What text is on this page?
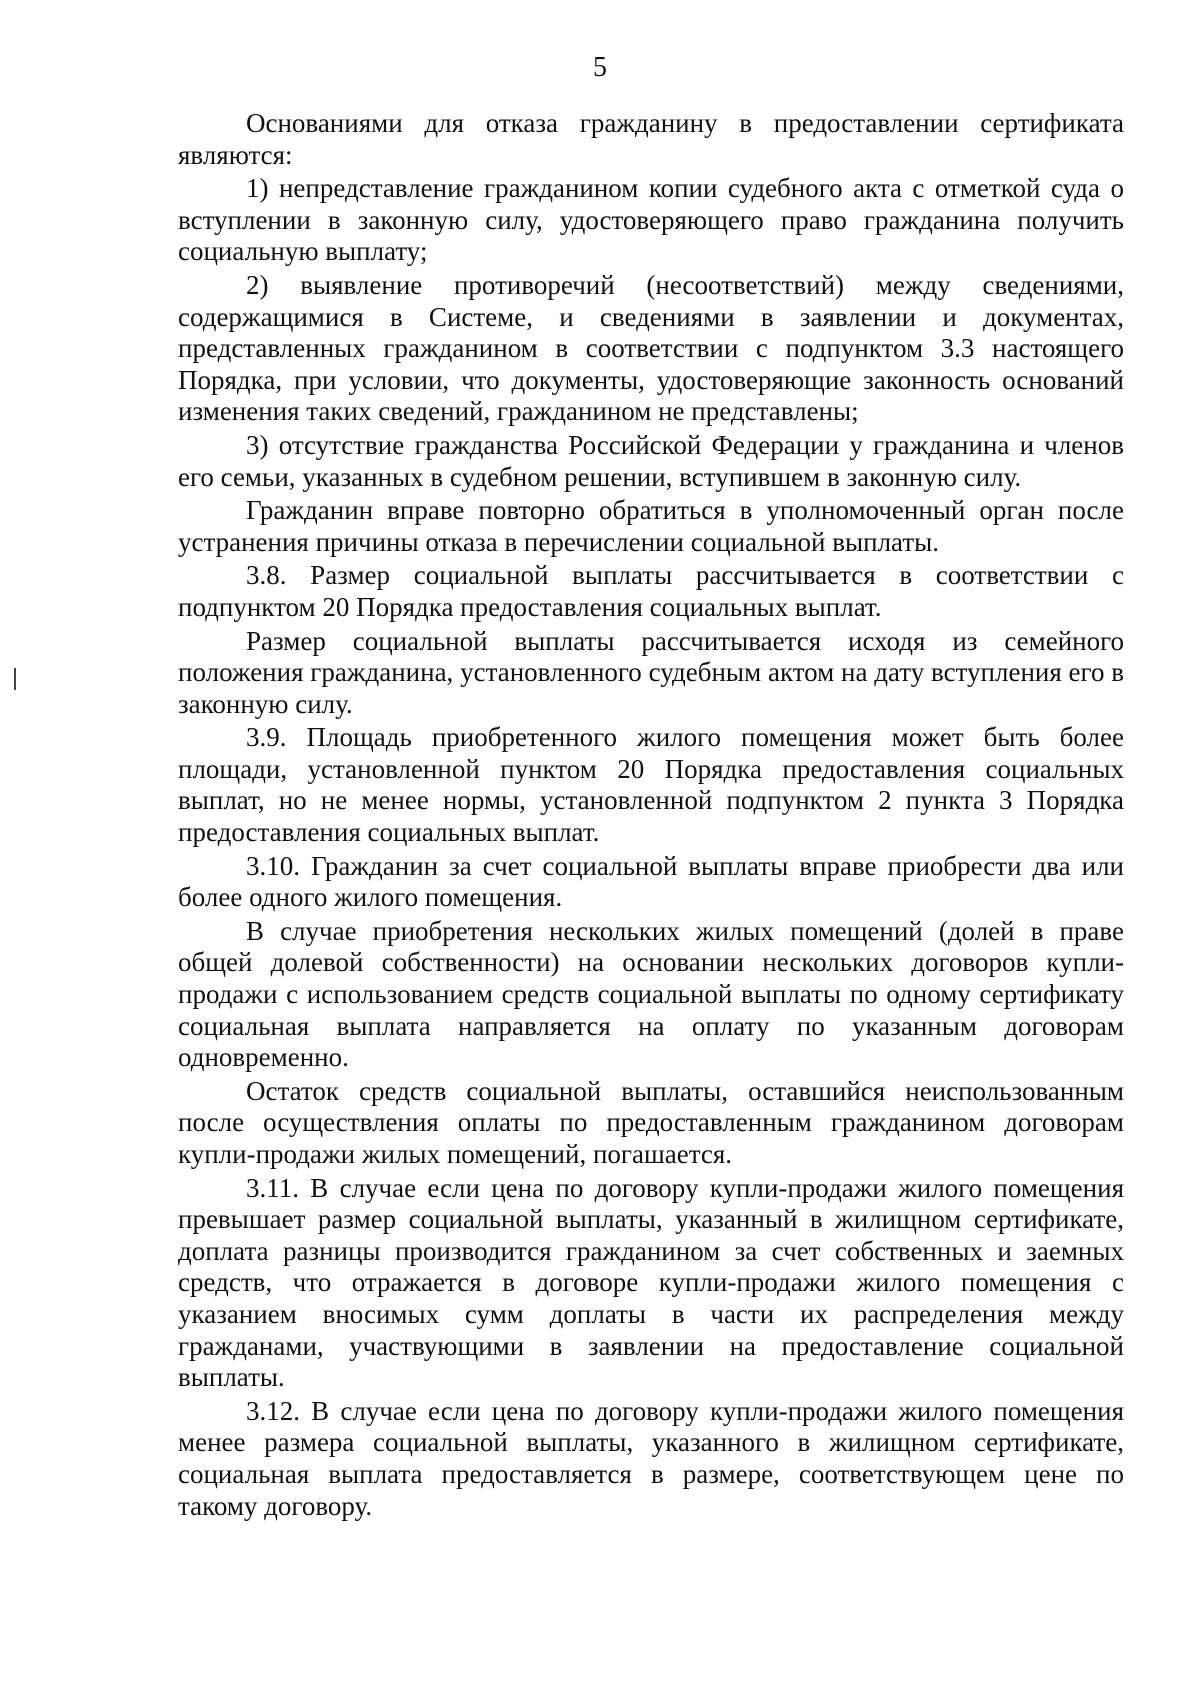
5

Основаниями для отказа гражданину в предоставлении сертификата являются:

1) непредставление гражданином копии судебного акта с отметкой суда о вступлении в законную силу, удостоверяющего право гражданина получить социальную выплату;

2) выявление противоречий (несоответствий) между сведениями, содержащимися в Системе, и сведениями в заявлении и документах, представленных гражданином в соответствии с подпунктом 3.3 настоящего Порядка, при условии, что документы, удостоверяющие законность оснований изменения таких сведений, гражданином не представлены;

3) отсутствие гражданства Российской Федерации у гражданина и членов его семьи, указанных в судебном решении, вступившем в законную силу.

Гражданин вправе повторно обратиться в уполномоченный орган после устранения причины отказа в перечислении социальной выплаты.

3.8. Размер социальной выплаты рассчитывается в соответствии с подпунктом 20 Порядка предоставления социальных выплат.

Размер социальной выплаты рассчитывается исходя из семейного положения гражданина, установленного судебным актом на дату вступления его в законную силу.

3.9. Площадь приобретенного жилого помещения может быть более площади, установленной пунктом 20 Порядка предоставления социальных выплат, но не менее нормы, установленной подпунктом 2 пункта 3 Порядка предоставления социальных выплат.

3.10. Гражданин за счет социальной выплаты вправе приобрести два или более одного жилого помещения.

В случае приобретения нескольких жилых помещений (долей в праве общей долевой собственности) на основании нескольких договоров купли-продажи с использованием средств социальной выплаты по одному сертификату социальная выплата направляется на оплату по указанным договорам одновременно.

Остаток средств социальной выплаты, оставшийся неиспользованным после осуществления оплаты по предоставленным гражданином договорам купли-продажи жилых помещений, погашается.

3.11. В случае если цена по договору купли-продажи жилого помещения превышает размер социальной выплаты, указанный в жилищном сертификате, доплата разницы производится гражданином за счет собственных и заемных средств, что отражается в договоре купли-продажи жилого помещения с указанием вносимых сумм доплаты в части их распределения между гражданами, участвующими в заявлении на предоставление социальной выплаты.

3.12. В случае если цена по договору купли-продажи жилого помещения менее размера социальной выплаты, указанного в жилищном сертификате, социальная выплата предоставляется в размере, соответствующем цене по такому договору.
